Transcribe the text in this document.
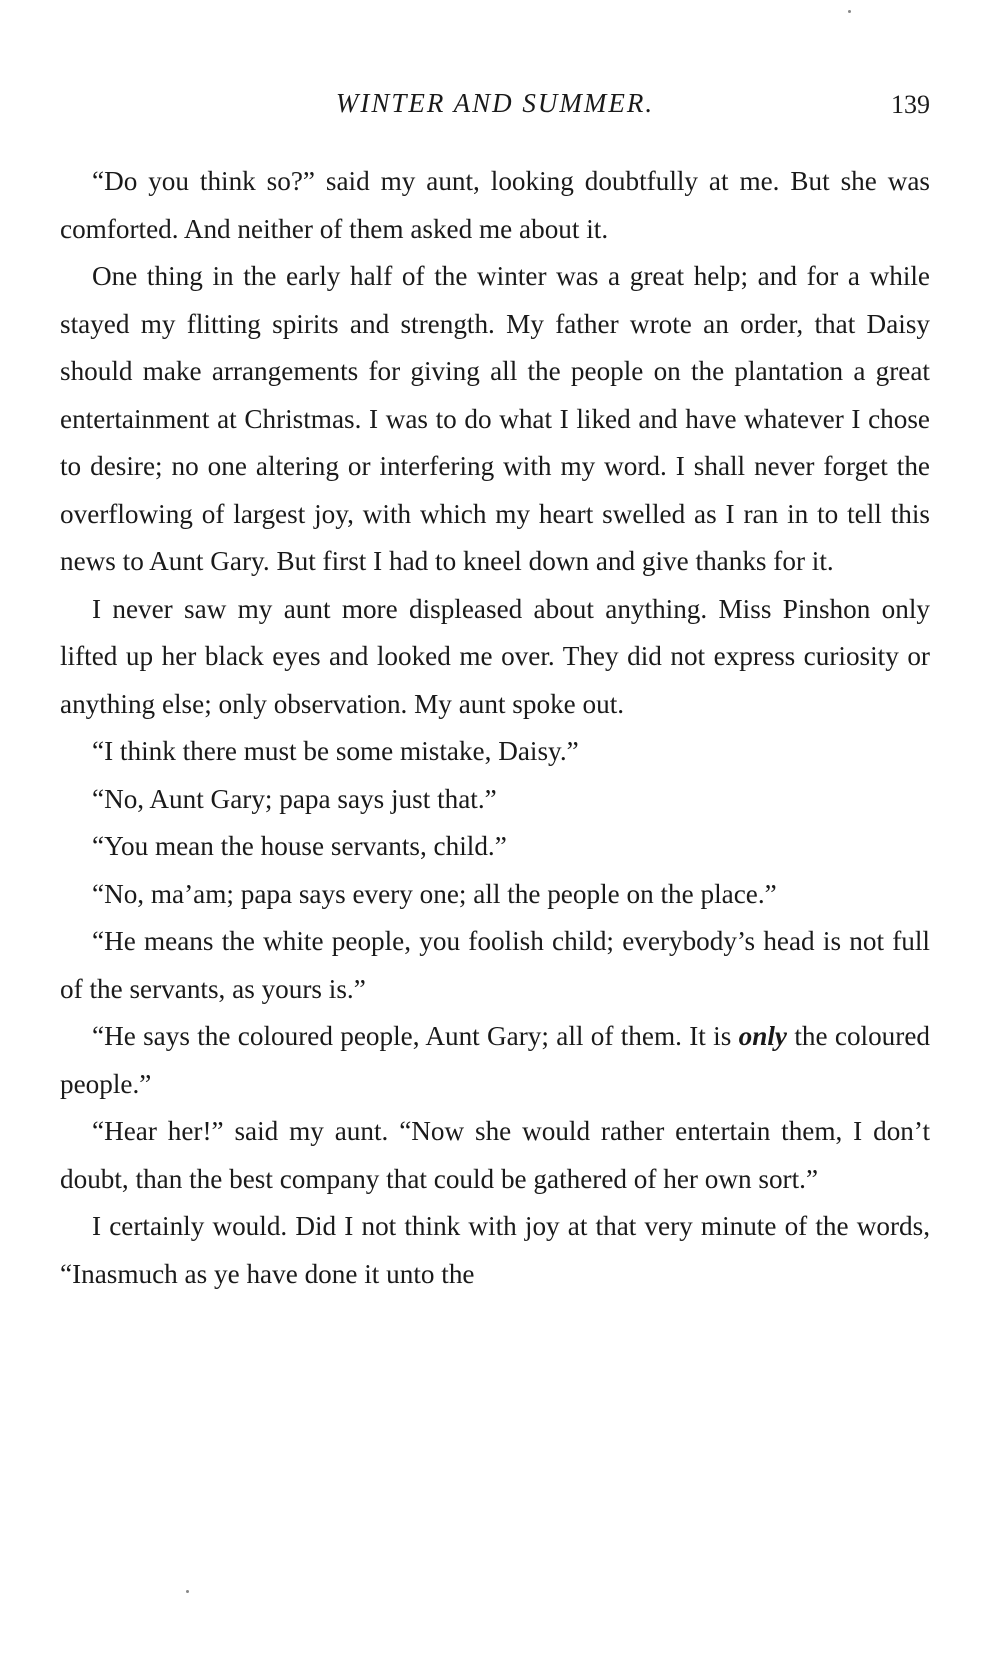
WINTER AND SUMMER.	139

“Do you think so?” said my aunt, looking doubtfully at me. But she was comforted. And neither of them asked me about it.

One thing in the early half of the winter was a great help; and for a while stayed my flitting spirits and strength. My father wrote an order, that Daisy should make arrangements for giving all the people on the plantation a great entertainment at Christmas. I was to do what I liked and have whatever I chose to desire; no one altering or interfering with my word. I shall never forget the overflowing of largest joy, with which my heart swelled as I ran in to tell this news to Aunt Gary. But first I had to kneel down and give thanks for it.

I never saw my aunt more displeased about anything. Miss Pinshon only lifted up her black eyes and looked me over. They did not express curiosity or anything else; only observation. My aunt spoke out.

“I think there must be some mistake, Daisy.”

“No, Aunt Gary; papa says just that.”

“You mean the house servants, child.”

“No, ma’am; papa says every one; all the people on the place.”

“He means the white people, you foolish child; everybody’s head is not full of the servants, as yours is.”

“He says the coloured people, Aunt Gary; all of them. It is only the coloured people.”

“Hear her!” said my aunt. “Now she would rather entertain them, I don’t doubt, than the best company that could be gathered of her own sort.”

I certainly would. Did I not think with joy at that very minute of the words, “Inasmuch as ye have done it unto the
